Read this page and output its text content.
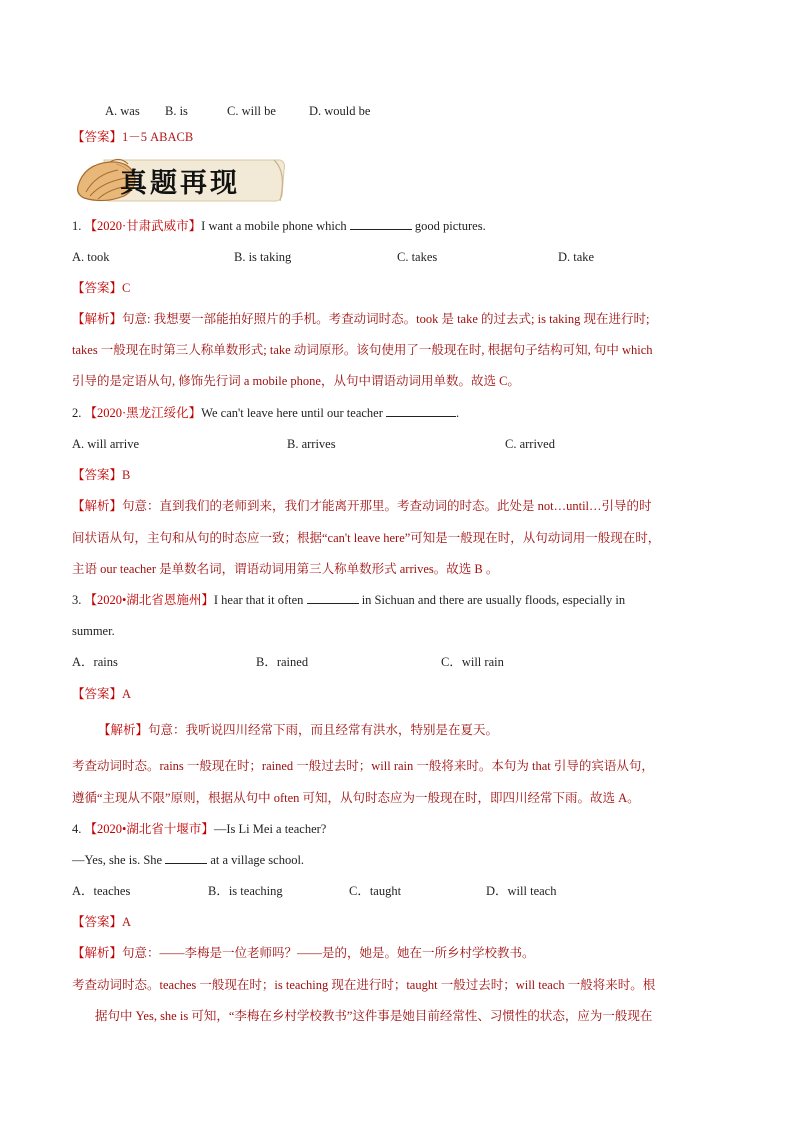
A. was B. is	C. will be	D. would be
【答案】1－5 ABACB
真题再现
1. 【2020·甘肃武威市】I want a mobile phone which	good pictures.
A. took	B. is taking	C. takes	D. take
【答案】C
【解析】句意: 我想要一部能拍好照片的手机。考查动词时态。took 是 take 的过去式; is taking 现在进行时;
takes 一般现在时第三人称单数形式; take 动词原形。该句使用了一般现在时, 根据句子结构可知, 句中 which
引导的是定语从句, 修饰先行词 a mobile phone，从句中谓语动词用单数。故选 C。
2. 【2020·黑龙江绥化】We can't leave here until our teacher	.
A. will arrive	B. arrives	C. arrived
【答案】B
【解析】句意：直到我们的老师到来，我们才能离开那里。考查动词的时态。此处是 not…until…引导的时
间状语从句，主句和从句的时态应一致；根据“can't leave here”可知是一般现在时，从句动词用一般现在时，
主语 our teacher 是单数名词，谓语动词用第三人称单数形式 arrives。故选 B 。
3. 【2020•湖北省恩施州】I hear that it often	in Sichuan and there are usually floods, especially in
summer.
A．rains	B．rained	C．will rain
【答案】A
【解析】句意：我听说四川经常下雨，而且经常有洪水，特别是在夏天。
考查动词时态。rains 一般现在时；rained 一般过去时；will rain 一般将来时。本句为 that 引导的宾语从句，
遵循“主现从不限”原则，根据从句中 often 可知，从句时态应为一般现在时，即四川经常下雨。故选 A。
4. 【2020•湖北省十堰市】—Is Li Mei a teacher?
—Yes, she is. She	at a village school.
A．teaches	B．is teaching	C．taught	D．will teach
【答案】A
【解析】句意：——李梅是一位老师吗？——是的，她是。她在一所乡村学校教书。
考查动词时态。teaches 一般现在时；is teaching 现在进行时；taught 一般过去时；will teach 一般将来时。根
据句中 Yes, she is 可知，“李梅在乡村学校教书”这件事是她目前经常性、习惯性的状态，应为一般现在
